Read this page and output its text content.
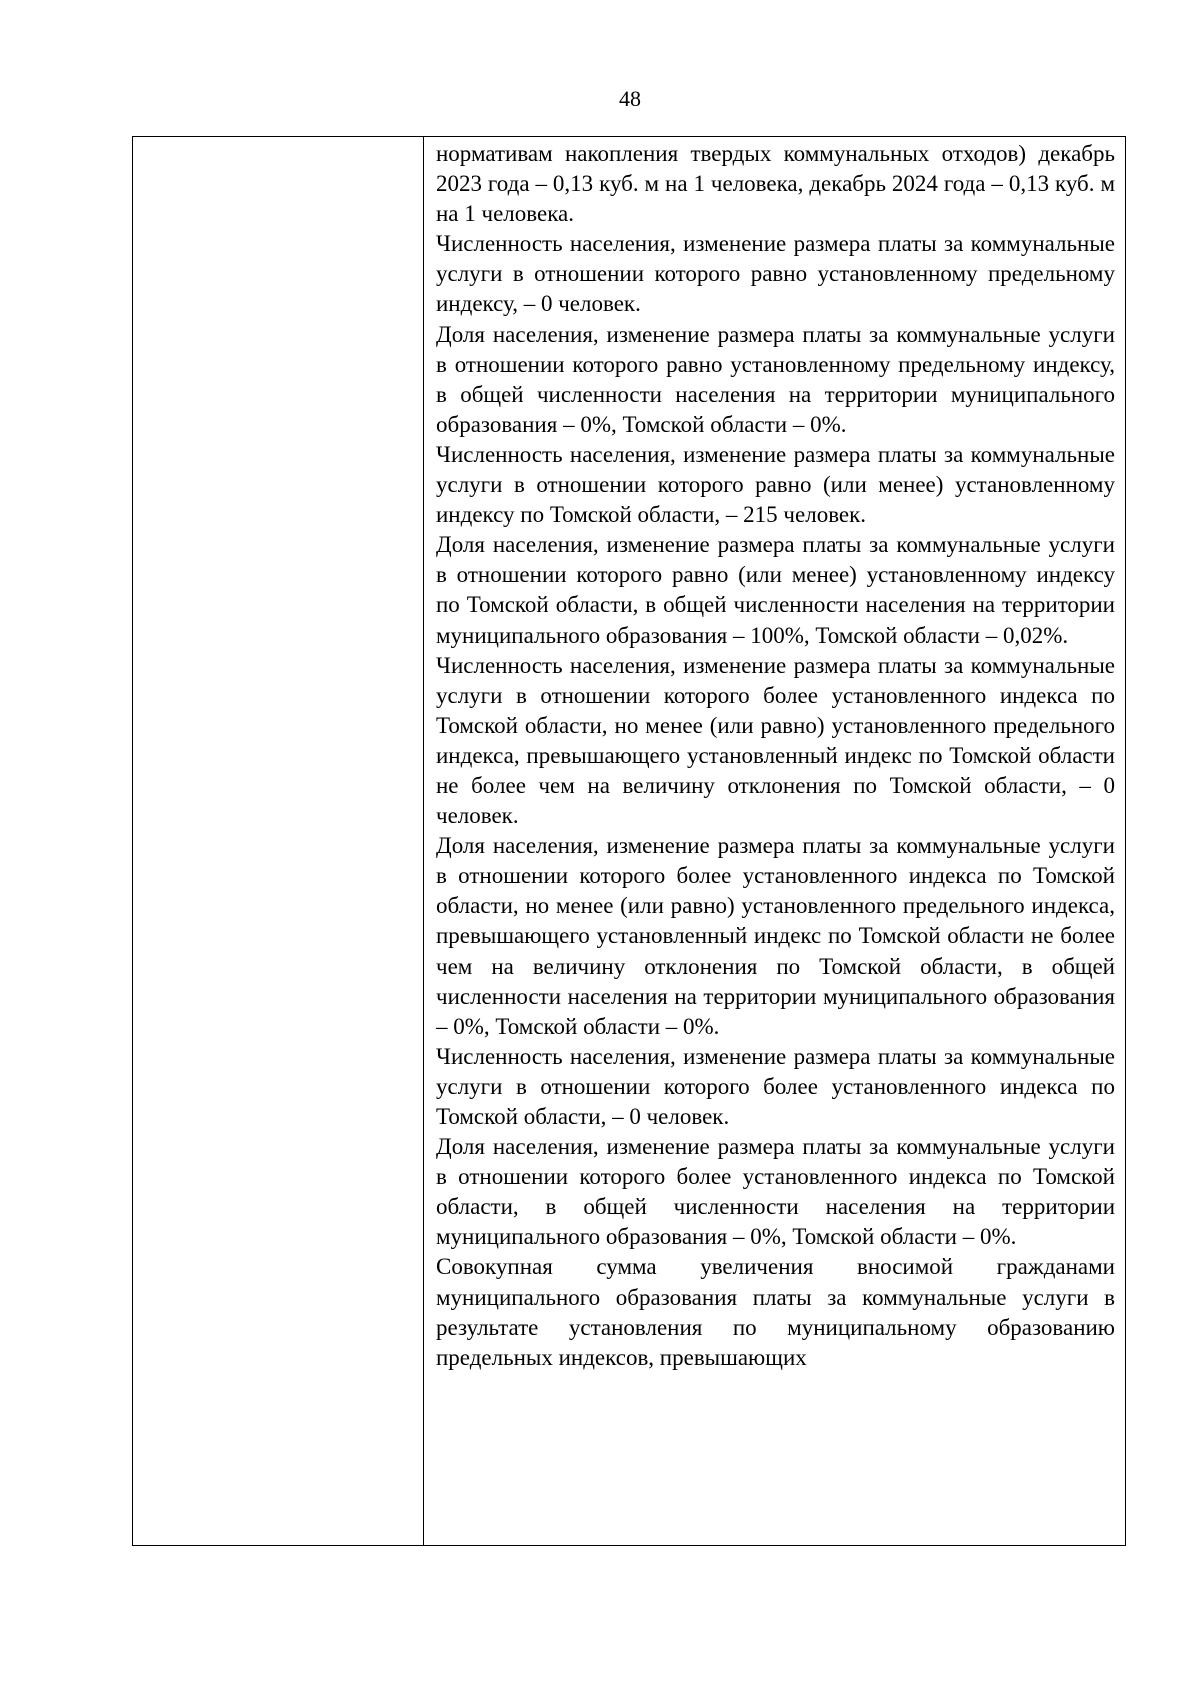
48

нормативам накопления твердых коммунальных отходов) декабрь 2023 года – 0,13 куб. м на 1 человека, декабрь 2024 года – 0,13 куб. м на 1 человека.

Численность населения, изменение размера платы за коммунальные услуги в отношении которого равно установленному предельному индексу, – 0 человек.

Доля населения, изменение размера платы за коммунальные услуги в отношении которого равно установленному предельному индексу, в общей численности населения на территории муниципального образования – 0%, Томской области – 0%.

Численность населения, изменение размера платы за коммунальные услуги в отношении которого равно (или менее) установленному индексу по Томской области, – 215 человек.

Доля населения, изменение размера платы за коммунальные услуги в отношении которого равно (или менее) установленному индексу по Томской области, в общей численности населения на территории муниципального образования – 100%, Томской области – 0,02%.

Численность населения, изменение размера платы за коммунальные услуги в отношении которого более установленного индекса по Томской области, но менее (или равно) установленного предельного индекса, превышающего установленный индекс по Томской области не более чем на величину отклонения по Томской области, – 0 человек.

Доля населения, изменение размера платы за коммунальные услуги в отношении которого более установленного индекса по Томской области, но менее (или равно) установленного предельного индекса, превышающего установленный индекс по Томской области не более чем на величину отклонения по Томской области, в общей численности населения на территории муниципального образования – 0%, Томской области – 0%.

Численность населения, изменение размера платы за коммунальные услуги в отношении которого более установленного индекса по Томской области, – 0 человек.

Доля населения, изменение размера платы за коммунальные услуги в отношении которого более установленного индекса по Томской области, в общей численности населения на территории муниципального образования – 0%, Томской области – 0%.

Совокупная сумма увеличения вносимой гражданами муниципального образования платы за коммунальные услуги в результате установления по муниципальному образованию предельных индексов, превышающих
